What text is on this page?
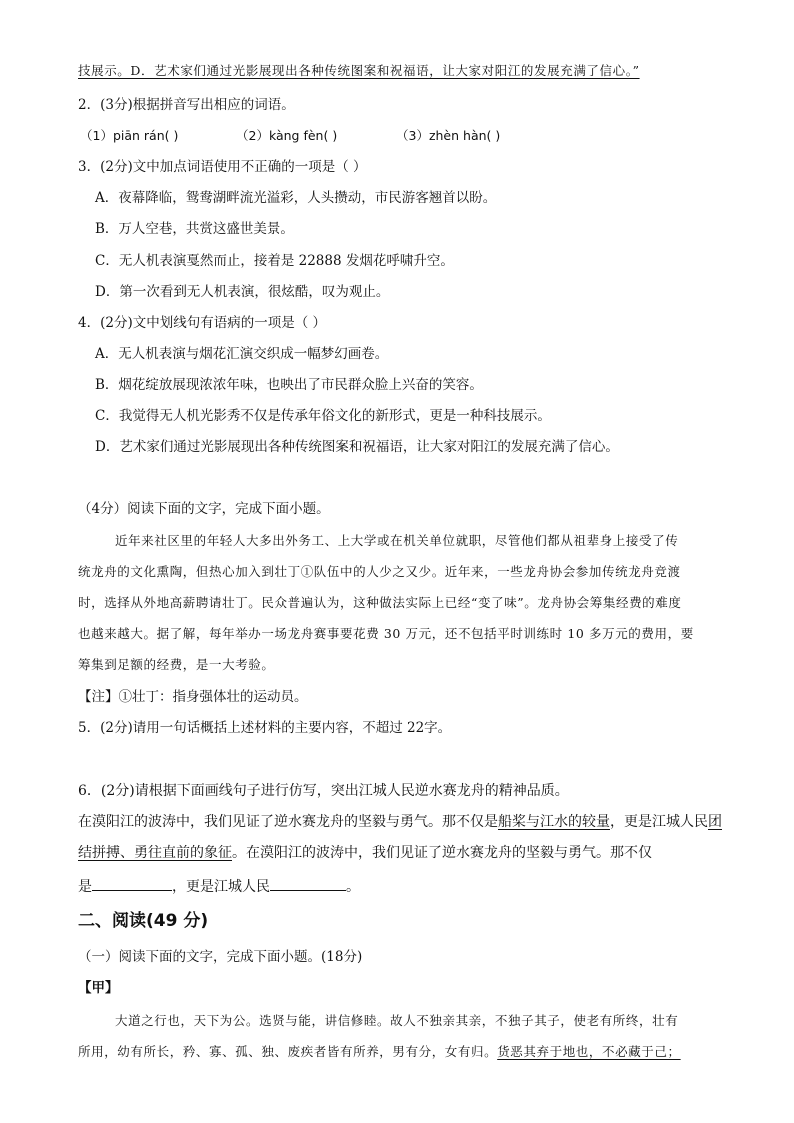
技展示。D．艺术家们通过光影展现出各种传统图案和祝福语，让大家对阳江的发展充满了信心。”
2．(3分)根据拼音写出相应的词语。
（1）piān rán( )	（2）kàng fèn( )	（3）zhèn hàn( )
3．(2分)文中加点词语使用不正确的一项是（ ）
A．夜幕降临，鸳鸯湖畔流光溢彩，人头攒动，市民游客翘首以盼。
B．万人空巷，共赏这盛世美景。
C．无人机表演戛然而止，接着是 22888 发烟花呼啸升空。
D．第一次看到无人机表演，很炫酷，叹为观止。
4．(2分)文中划线句有语病的一项是（ ）
A．无人机表演与烟花汇演交织成一幅梦幻画卷。
B．烟花绽放展现浓浓年味，也映出了市民群众脸上兴奋的笑容。
C．我觉得无人机光影秀不仅是传承年俗文化的新形式，更是一种科技展示。
D．艺术家们通过光影展现出各种传统图案和祝福语，让大家对阳江的发展充满了信心。
（4分）阅读下面的文字，完成下面小题。
近年来社区里的年轻人大多出外务工、上大学或在机关单位就职，尽管他们都从祖辈身上接受了传
统龙舟的文化熏陶，但热心加入到壮丁①队伍中的人少之又少。近年来，一些龙舟协会参加传统龙舟竞渡
时，选择从外地高薪聘请壮丁。民众普遍认为，这种做法实际上已经“变了味”。龙舟协会筹集经费的难度
也越来越大。据了解，每年举办一场龙舟赛事要花费 30 万元，还不包括平时训练时 10 多万元的费用，要
筹集到足额的经费，是一大考验。
【注】①壮丁：指身强体壮的运动员。
5．(2分)请用一句话概括上述材料的主要内容，不超过 22字。
6．(2分)请根据下面画线句子进行仿写，突出江城人民逆水赛龙舟的精神品质。
在漠阳江的波涛中，我们见证了逆水赛龙舟的坚毅与勇气。那不仅是船桨与江水的较量，更是江城人民团
结拼搏、勇往直前的象征。在漠阳江的波涛中，我们见证了逆水赛龙舟的坚毅与勇气。那不仅
是	，更是江城人民	。
二、阅读(49 分)
（一）阅读下面的文字，完成下面小题。(18分)
【甲】
大道之行也，天下为公。选贤与能，讲信修睦。故人不独亲其亲，不独子其子，使老有所终，壮有
所用，幼有所长，矜、寡、孤、独、废疾者皆有所养，男有分，女有归。货恶其弃于地也，不必藏于己；
